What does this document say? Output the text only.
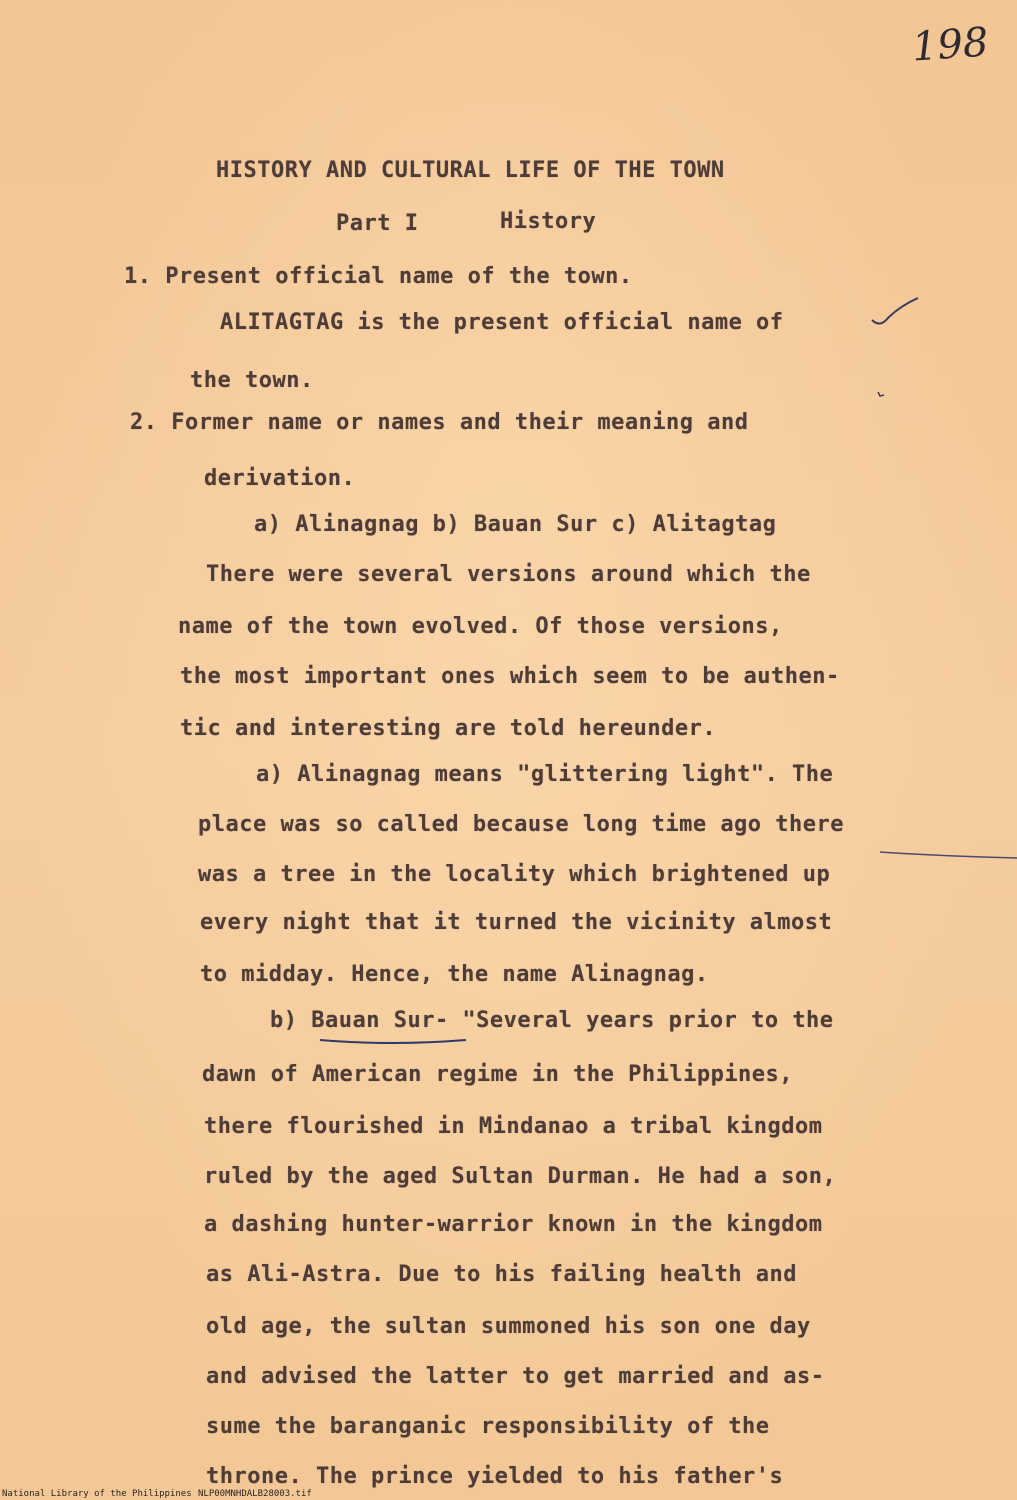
198
HISTORY AND CULTURAL LIFE OF THE TOWN
Part I	History
1. Present official name of the town.
ALITAGTAG is the present official name of
the town.
2. Former name or names and their meaning and
derivation.
a) Alinagnag b) Bauan Sur c) Alitagtag
There were several versions around which the
name of the town evolved. Of those versions,
the most important ones which seem to be authen-
tic and interesting are told hereunder.
a) Alinagnag means "glittering light". The
place was so called because long time ago there
was a tree in the locality which brightened up
every night that it turned the vicinity almost
to midday. Hence, the name Alinagnag.
b) Bauan Sur- "Several years prior to the
dawn of American regime in the Philippines,
there flourished in Mindanao a tribal kingdom
ruled by the aged Sultan Durman. He had a son,
a dashing hunter-warrior known in the kingdom
as Ali-Astra. Due to his failing health and
old age, the sultan summoned his son one day
and advised the latter to get married and as-
sume the baranganic responsibility of the
throne. The prince yielded to his father's
National Library of the Philippines NLP00MNHDALB28003.tif
